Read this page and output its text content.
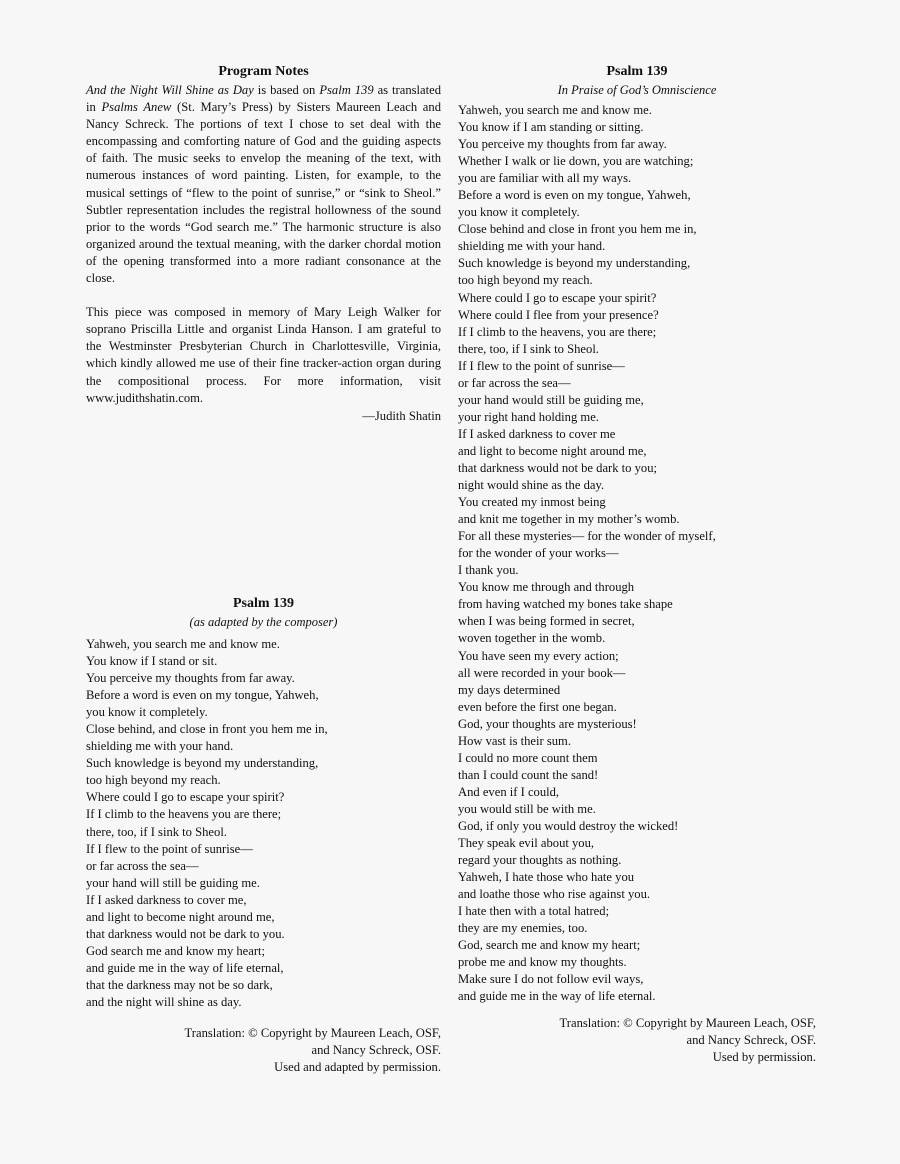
Program Notes

And the Night Will Shine as Day is based on Psalm 139 as translated in Psalms Anew (St. Mary’s Press) by Sisters Maureen Leach and Nancy Schreck. The portions of text I chose to set deal with the encompassing and comforting nature of God and the guiding aspects of faith. The music seeks to envelop the meaning of the text, with numerous instances of word painting. Listen, for example, to the musical settings of “flew to the point of sunrise,” or “sink to Sheol.” Subtler representation includes the registral hollowness of the sound prior to the words “God search me.” The harmonic structure is also organized around the textual meaning, with the darker chordal motion of the opening transformed into a more radiant consonance at the close.

This piece was composed in memory of Mary Leigh Walker for soprano Priscilla Little and organist Linda Hanson. I am grateful to the Westminster Presbyterian Church in Charlottesville, Virginia, which kindly allowed me use of their fine tracker-action organ during the compositional process. For more information, visit www.judithshatin.com.

—Judith Shatin
Psalm 139
(as adapted by the composer)
Yahweh, you search me and know me.
You know if I stand or sit.
You perceive my thoughts from far away.
Before a word is even on my tongue, Yahweh,
you know it completely.
Close behind, and close in front you hem me in,
shielding me with your hand.
Such knowledge is beyond my understanding,
too high beyond my reach.
Where could I go to escape your spirit?
If I climb to the heavens you are there;
there, too, if I sink to Sheol.
If I flew to the point of sunrise—
or far across the sea—
your hand will still be guiding me.
If I asked darkness to cover me,
and light to become night around me,
that darkness would not be dark to you.
God search me and know my heart;
and guide me in the way of life eternal,
that the darkness may not be so dark,
and the night will shine as day.
Translation: © Copyright by Maureen Leach, OSF,
and Nancy Schreck, OSF.
Used and adapted by permission.
Psalm 139
In Praise of God’s Omniscience
Yahweh, you search me and know me.
You know if I am standing or sitting.
You perceive my thoughts from far away.
Whether I walk or lie down, you are watching;
you are familiar with all my ways.
Before a word is even on my tongue, Yahweh,
you know it completely.
Close behind and close in front you hem me in,
shielding me with your hand.
Such knowledge is beyond my understanding,
too high beyond my reach.
Where could I go to escape your spirit?
Where could I flee from your presence?
If I climb to the heavens, you are there;
there, too, if I sink to Sheol.
If I flew to the point of sunrise—
or far across the sea—
your hand would still be guiding me,
your right hand holding me.
If I asked darkness to cover me
and light to become night around me,
that darkness would not be dark to you;
night would shine as the day.
You created my inmost being
and knit me together in my mother’s womb.
For all these mysteries— for the wonder of myself,
for the wonder of your works—
I thank you.
You know me through and through
from having watched my bones take shape
when I was being formed in secret,
woven together in the womb.
You have seen my every action;
all were recorded in your book—
my days determined
even before the first one began.
God, your thoughts are mysterious!
How vast is their sum.
I could no more count them
than I could count the sand!
And even if I could,
you would still be with me.
God, if only you would destroy the wicked!
They speak evil about you,
regard your thoughts as nothing.
Yahweh, I hate those who hate you
and loathe those who rise against you.
I hate then with a total hatred;
they are my enemies, too.
God, search me and know my heart;
probe me and know my thoughts.
Make sure I do not follow evil ways,
and guide me in the way of life eternal.
Translation: © Copyright by Maureen Leach, OSF,
and Nancy Schreck, OSF.
Used by permission.
